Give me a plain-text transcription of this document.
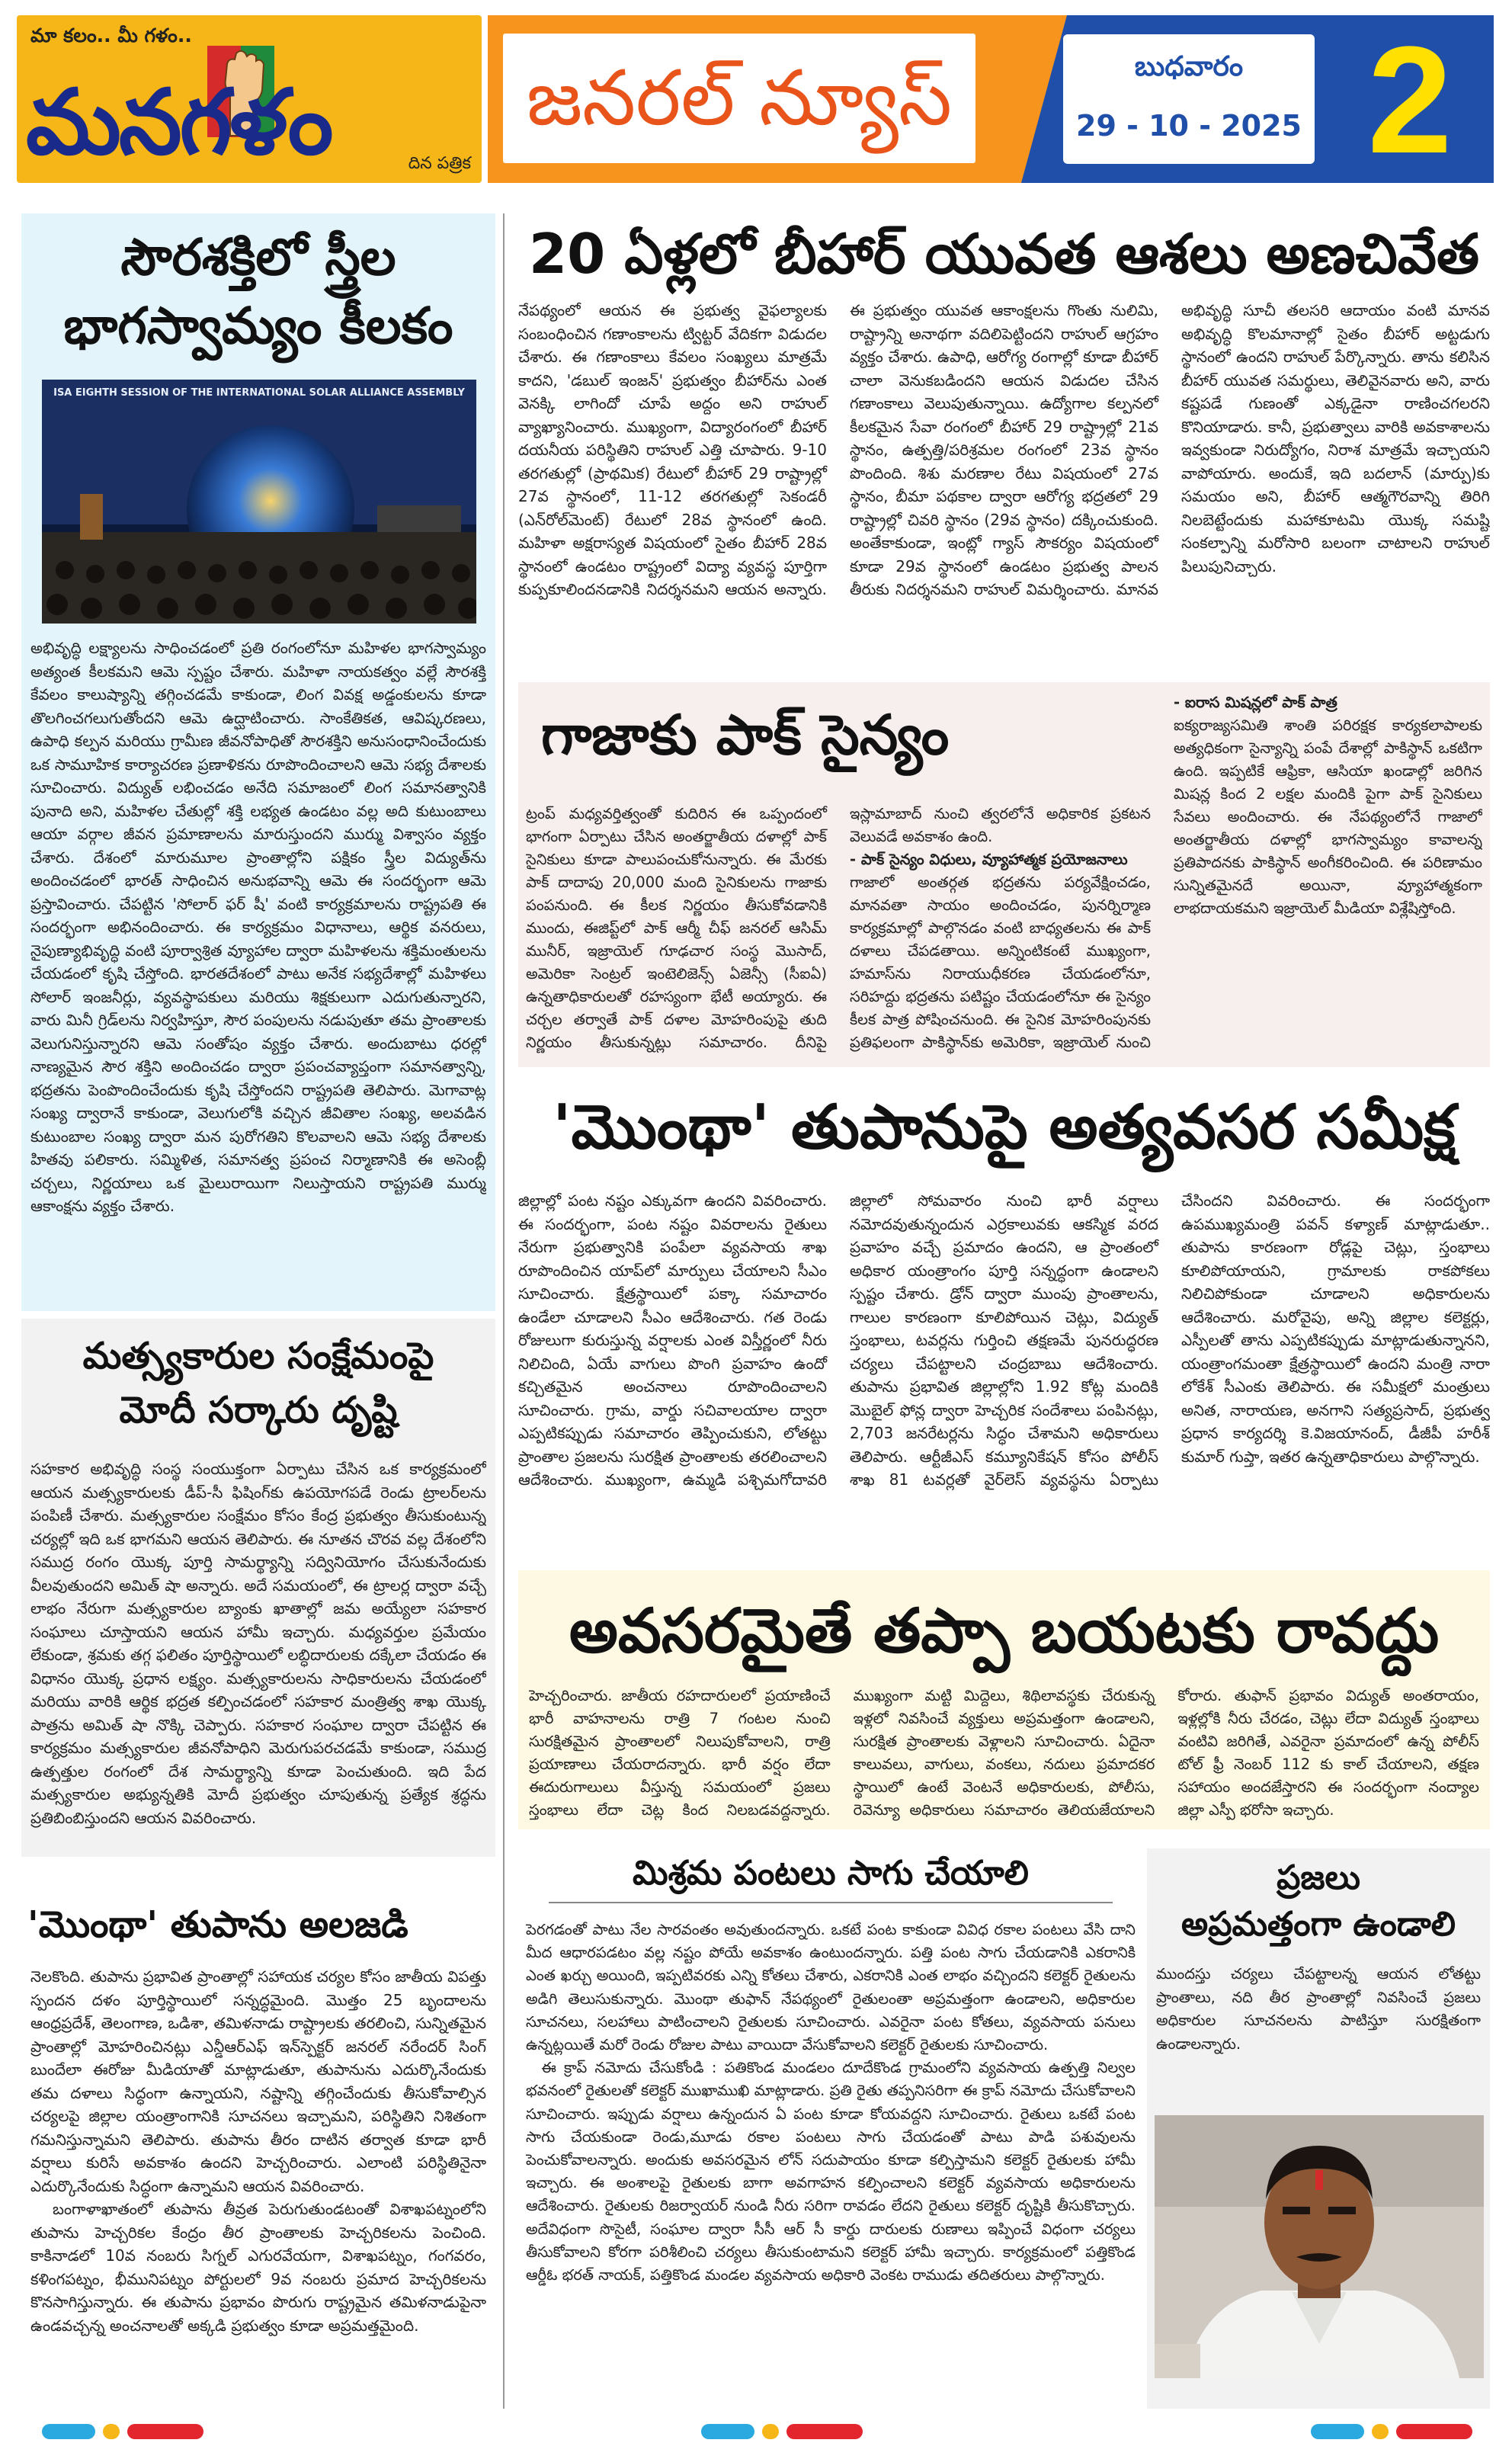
మా కలం.. మీ గళం..
మనగళం	దిన పత్రిక
జనరల్ న్యూస్	బుధవారం
29 - 10 - 2025 2
సౌరశక్తిలో స్త్రీల
భాగస్వామ్యం కీలకం
ISA EIGHTH SESSION OF THE INTERNATIONAL SOLAR ALLIANCE ASSEMBLY
అభివృద్ధి లక్ష్యాలను సాధించడంలో ప్రతి రంగంలోనూ మహిళల భాగస్వామ్యం అత్యంత కీలకమని ఆమె స్పష్టం చేశారు. మహిళా నాయకత్వం వల్లే సౌరశక్తి కేవలం కాలుష్యాన్ని తగ్గించడమే కాకుండా, లింగ వివక్ష అడ్డంకులను కూడా తొలగించగలుగుతోందని ఆమె ఉద్ఘాటించారు. సాంకేతికత, ఆవిష్కరణలు, ఉపాధి కల్పన మరియు గ్రామీణ జీవనోపాధితో సౌరశక్తిని అనుసంధానించేందుకు ఒక సామూహిక కార్యాచరణ ప్రణాళికను రూపొందించాలని ఆమె సభ్య దేశాలకు సూచించారు. విద్యుత్ లభించడం అనేది సమాజంలో లింగ సమానత్వానికి పునాది అని, మహిళల చేతుల్లో శక్తి లభ్యత ఉండటం వల్ల అది కుటుంబాలు ఆయా వర్గాల జీవన ప్రమాణాలను మారుస్తుందని ముర్ము విశ్వాసం వ్యక్తం చేశారు. దేశంలో మారుమూల ప్రాంతాల్లోని పక్షికం స్త్రీల విద్యుత్‌ను అందించడంలో భారత్ సాధించిన అనుభవాన్ని ఆమె ఈ సందర్భంగా ఆమె ప్రస్తావించారు. చేపట్టిన 'సోలార్ ఫర్ షీ' వంటి కార్యక్రమాలను రాష్ట్రపతి ఈ సందర్భంగా అభినందించారు. ఈ కార్యక్రమం విధానాలు, ఆర్థిక వనరులు, నైపుణ్యాభివృద్ధి వంటి పూర్వాశ్రిత వ్యూహాల ద్వారా మహిళలను శక్తిమంతులను చేయడంలో కృషి చేస్తోంది. భారతదేశంలో పాటు అనేక సభ్యదేశాల్లో మహిళలు సోలార్ ఇంజనీర్లు, వ్యవస్థాపకులు మరియు శిక్షకులుగా ఎదుగుతున్నారని, వారు మినీ గ్రిడ్‌లను నిర్వహిస్తూ, సౌర పంపులను నడుపుతూ తమ ప్రాంతాలకు వెలుగునిస్తున్నారని ఆమె సంతోషం వ్యక్తం చేశారు. అందుబాటు ధరల్లో నాణ్యమైన సౌర శక్తిని అందించడం ద్వారా ప్రపంచవ్యాప్తంగా సమానత్వాన్ని, భద్రతను పెంపొందించేందుకు కృషి చేస్తోందని రాష్ట్రపతి తెలిపారు. మెగావాట్ల సంఖ్య ద్వారానే కాకుండా, వెలుగులోకి వచ్చిన జీవితాల సంఖ్య, అలవడిన కుటుంబాల సంఖ్య ద్వారా మన పురోగతిని కొలవాలని ఆమె సభ్య దేశాలకు హితవు పలికారు. సమ్మిళిత, సమానత్వ ప్రపంచ నిర్మాణానికి ఈ అసెంబ్లీ చర్చలు, నిర్ణయాలు ఒక మైలురాయిగా నిలుస్తాయని రాష్ట్రపతి ముర్ము ఆకాంక్షను వ్యక్తం చేశారు.
మత్స్యకారుల సంక్షేమంపై
మోదీ సర్కారు దృష్టి
సహకార అభివృద్ధి సంస్థ సంయుక్తంగా ఏర్పాటు చేసిన ఒక కార్యక్రమంలో ఆయన మత్స్యకారులకు డీప్-సీ ఫిషింగ్‌కు ఉపయోగపడే రెండు ట్రాలర్‌లను పంపిణీ చేశారు. మత్స్యకారుల సంక్షేమం కోసం కేంద్ర ప్రభుత్వం తీసుకుంటున్న చర్యల్లో ఇది ఒక భాగమని ఆయన తెలిపారు. ఈ నూతన చొరవ వల్ల దేశంలోని సముద్ర రంగం యొక్క పూర్తి సామర్థ్యాన్ని సద్వినియోగం చేసుకునేందుకు వీలవుతుందని అమిత్ షా అన్నారు. అదే సమయంలో, ఈ ట్రాలర్ల ద్వారా వచ్చే లాభం నేరుగా మత్స్యకారుల బ్యాంకు ఖాతాల్లో జమ అయ్యేలా సహకార సంఘాలు చూస్తాయని ఆయన హామీ ఇచ్చారు. మధ్యవర్తుల ప్రమేయం లేకుండా, శ్రమకు తగ్గ ఫలితం పూర్తిస్థాయిలో లబ్ధిదారులకు దక్కేలా చేయడం ఈ విధానం యొక్క ప్రధాన లక్ష్యం. మత్స్యకారులను సాధికారులను చేయడంలో మరియు వారికి ఆర్థిక భద్రత కల్పించడంలో సహకార మంత్రిత్వ శాఖ యొక్క పాత్రను అమిత్ షా నొక్కి చెప్పారు. సహకార సంఘాల ద్వారా చేపట్టిన ఈ కార్యక్రమం మత్స్యకారుల జీవనోపాధిని మెరుగుపరచడమే కాకుండా, సముద్ర ఉత్పత్తుల రంగంలో దేశ సామర్థ్యాన్ని కూడా పెంచుతుంది. ఇది పేద మత్స్యకారుల అభ్యున్నతికి మోదీ ప్రభుత్వం చూపుతున్న ప్రత్యేక శ్రద్ధను ప్రతిబింబిస్తుందని ఆయన వివరించారు.
'మొంథా' తుపాను అలజడి
నెలకొంది. తుపాను ప్రభావిత ప్రాంతాల్లో సహాయక చర్యల కోసం జాతీయ విపత్తు స్పందన దళం పూర్తిస్థాయిలో సన్నద్ధమైంది. మొత్తం 25 బృందాలను ఆంధ్రప్రదేశ్, తెలంగాణ, ఒడిశా, తమిళనాడు రాష్ట్రాలకు తరలించి, సున్నితమైన ప్రాంతాల్లో మోహరించినట్లు ఎన్డీఆర్ఎఫ్ ఇన్‌స్పెక్టర్ జనరల్ నరేందర్ సింగ్ బుందేలా ఈరోజు మీడియాతో మాట్లాడుతూ, తుపానును ఎదుర్కొనేందుకు తమ దళాలు సిద్ధంగా ఉన్నాయని, నష్టాన్ని తగ్గించేందుకు తీసుకోవాల్సిన చర్యలపై జిల్లాల యంత్రాంగానికి సూచనలు ఇచ్చామని, పరిస్థితిని నిశితంగా గమనిస్తున్నామని తెలిపారు. తుపాను తీరం దాటిన తర్వాత కూడా భారీ వర్షాలు కురిసే అవకాశం ఉందని హెచ్చరించారు. ఎలాంటి పరిస్థితినైనా ఎదుర్కొనేందుకు సిద్ధంగా ఉన్నామని ఆయన వివరించారు.
బంగాళాఖాతంలో తుపాను తీవ్రత పెరుగుతుండటంతో విశాఖపట్నంలోని తుపాను హెచ్చరికల కేంద్రం తీర ప్రాంతాలకు హెచ్చరికలను పెంచింది. కాకినాడలో 10వ నంబరు సిగ్నల్ ఎగురవేయగా, విశాఖపట్నం, గంగవరం, కళింగపట్నం, భీమునిపట్నం పోర్టులలో 9వ నంబరు ప్రమాద హెచ్చరికలను కొనసాగిస్తున్నారు. ఈ తుపాను ప్రభావం పొరుగు రాష్ట్రమైన తమిళనాడుపైనా ఉండవచ్చన్న అంచనాలతో అక్కడి ప్రభుత్వం కూడా అప్రమత్తమైంది.
20 ఏళ్లలో బీహార్ యువత ఆశలు అణచివేత
నేపథ్యంలో ఆయన ఈ ప్రభుత్వ వైఫల్యాలకు సంబంధించిన గణాంకాలను ట్విట్టర్ వేదికగా విడుదల చేశారు. ఈ గణాంకాలు కేవలం సంఖ్యలు మాత్రమే కాదని, 'డబుల్ ఇంజన్' ప్రభుత్వం బీహార్‌ను ఎంత వెనక్కి లాగిందో చూపే అద్దం అని రాహుల్ వ్యాఖ్యానించారు. ముఖ్యంగా, విద్యారంగంలో బీహార్ దయనీయ పరిస్థితిని రాహుల్ ఎత్తి చూపారు. 9-10 తరగతుల్లో (ప్రాథమిక) రేటులో బీహార్ 29 రాష్ట్రాల్లో 27వ స్థానంలో, 11-12 తరగతుల్లో సెకండరీ (ఎన్‌రోల్‌మెంట్) రేటులో 28వ స్థానంలో ఉంది. మహిళా అక్షరాస్యత విషయంలో సైతం బీహార్ 28వ స్థానంలో ఉండటం రాష్ట్రంలో విద్యా వ్యవస్థ పూర్తిగా కుప్పకూలిందనడానికి నిదర్శనమని ఆయన అన్నారు. ఈ ప్రభుత్వం యువత ఆకాంక్షలను గొంతు నులిమి, రాష్ట్రాన్ని అనాథగా వదిలిపెట్టిందని రాహుల్ ఆగ్రహం వ్యక్తం చేశారు. ఉపాధి, ఆరోగ్య రంగాల్లో కూడా బీహార్ చాలా వెనుకబడిందని ఆయన విడుదల చేసిన గణాంకాలు వెలుపుతున్నాయి. ఉద్యోగాల కల్పనలో కీలకమైన సేవా రంగంలో బీహార్ 29 రాష్ట్రాల్లో 21వ స్థానం, ఉత్పత్తి/పరిశ్రమల రంగంలో 23వ స్థానం పొందింది. శిశు మరణాల రేటు విషయంలో 27వ స్థానం, బీమా పథకాల ద్వారా ఆరోగ్య భద్రతలో 29 రాష్ట్రాల్లో చివరి స్థానం (29వ స్థానం) దక్కించుకుంది. అంతేకాకుండా, ఇంట్లో గ్యాస్‌ సౌకర్యం విషయంలో కూడా 29వ స్థానంలో ఉండటం ప్రభుత్వ పాలన తీరుకు నిదర్శనమని రాహుల్ విమర్శించారు. మానవ అభివృద్ధి సూచీ తలసరి ఆదాయం వంటి మానవ అభివృద్ధి కొలమానాల్లో సైతం బీహార్ అట్టడుగు స్థానంలో ఉందని రాహుల్ పేర్కొన్నారు. తాను కలిసిన బీహార్ యువత సమర్థులు, తెలివైనవారు అని, వారు కష్టపడే గుణంతో ఎక్కడైనా రాణించగలరని కొనియాడారు. కానీ, ప్రభుత్వాలు వారికి అవకాశాలను ఇవ్వకుండా నిరుద్యోగం, నిరాశ మాత్రమే ఇచ్చాయని వాపోయారు. అందుకే, ఇది బదలాన్ (మార్పు)కు సమయం అని, బీహార్ ఆత్మగౌరవాన్ని తిరిగి నిలబెట్టేందుకు మహాకూటమి యొక్క సమష్టి సంకల్పాన్ని మరోసారి బలంగా చాటాలని రాహుల్ పిలుపునిచ్చారు.
గాజాకు పాక్ సైన్యం
ట్రంప్ మధ్యవర్తిత్వంతో కుదిరిన ఈ ఒప్పందంలో భాగంగా ఏర్పాటు చేసిన అంతర్జాతీయ దళాల్లో పాక్ సైనికులు కూడా పాలుపంచుకోనున్నారు. ఈ మేరకు పాక్ దాదాపు 20,000 మంది సైనికులను గాజాకు పంపనుంది. ఈ కీలక నిర్ణయం తీసుకోవడానికి ముందు, ఈజిప్ట్‌లో పాక్ ఆర్మీ చీఫ్ జనరల్ ఆసిమ్ మునీర్, ఇజ్రాయెల్ గూఢచార సంస్థ మొసాద్, అమెరికా సెంట్రల్ ఇంటెలిజెన్స్ ఏజెన్సీ (సీఐఏ) ఉన్నతాధికారులతో రహస్యంగా భేటీ అయ్యారు. ఈ చర్చల తర్వాతే పాక్ దళాల మోహరింపుపై తుది నిర్ణయం తీసుకున్నట్లు సమాచారం. దీనిపై ఇస్లామాబాద్ నుంచి త్వరలోనే అధికారిక ప్రకటన వెలువడే అవకాశం ఉంది.
- పాక్ సైన్యం విధులు, వ్యూహాత్మక ప్రయోజనాలు
గాజాలో అంతర్గత భద్రతను పర్యవేక్షించడం, మానవతా సాయం అందించడం, పునర్నిర్మాణ కార్యక్రమాల్లో పాల్గొనడం వంటి బాధ్యతలను ఈ పాక్ దళాలు చేపడతాయి. అన్నింటికంటే ముఖ్యంగా, హమాస్‌ను నిరాయుధీకరణ చేయడంలోనూ, సరిహద్దు భద్రతను పటిష్టం చేయడంలోనూ ఈ సైన్యం కీలక పాత్ర పోషించనుంది. ఈ సైనిక మోహరింపునకు ప్రతిఫలంగా పాకిస్థాన్‌కు అమెరికా, ఇజ్రాయెల్ నుంచి
- ఐరాస మిషన్లలో పాక్ పాత్ర
ఐక్యరాజ్యసమితి శాంతి పరిరక్షక కార్యకలాపాలకు అత్యధికంగా సైన్యాన్ని పంపే దేశాల్లో పాకిస్థాన్ ఒకటిగా ఉంది. ఇప్పటికే ఆఫ్రికా, ఆసియా ఖండాల్లో జరిగిన మిషన్ల కింద 2 లక్షల మందికి పైగా పాక్ సైనికులు సేవలు అందించారు. ఈ నేపథ్యంలోనే గాజాలో అంతర్జాతీయ దళాల్లో భాగస్వామ్యం కావాలన్న ప్రతిపాదనకు పాకిస్థాన్ అంగీకరించింది. ఈ పరిణామం సున్నితమైనదే అయినా, వ్యూహాత్మకంగా లాభదాయకమని ఇజ్రాయెల్ మీడియా విశ్లేషిస్తోంది.
'మొంథా' తుపానుపై అత్యవసర సమీక్ష
జిల్లాల్లో పంట నష్టం ఎక్కువగా ఉందని వివరించారు. ఈ సందర్భంగా, పంట నష్టం వివరాలను రైతులు నేరుగా ప్రభుత్వానికి పంపేలా వ్యవసాయ శాఖ రూపొందించిన యాప్‌లో మార్పులు చేయాలని సీఎం సూచించారు. క్షేత్రస్థాయిలో పక్కా సమాచారం ఉండేలా చూడాలని సీఎం ఆదేశించారు. గత రెండు రోజులుగా కురుస్తున్న వర్షాలకు ఎంత విస్తీర్ణంలో నీరు నిలిచింది, ఏయే వాగులు పొంగి ప్రవాహం ఉందో కచ్చితమైన అంచనాలు రూపొందించాలని సూచించారు. గ్రామ, వార్డు సచివాలయాల ద్వారా ఎప్పటికప్పుడు సమాచారం తెప్పించుకుని, లోతట్టు ప్రాంతాల ప్రజలను సురక్షిత ప్రాంతాలకు తరలించాలని ఆదేశించారు. ముఖ్యంగా, ఉమ్మడి పశ్చిమగోదావరి జిల్లాలో సోమవారం నుంచి భారీ వర్షాలు నమోదవుతున్నందున ఎర్రకాలువకు ఆకస్మిక వరద ప్రవాహం వచ్చే ప్రమాదం ఉందని, ఆ ప్రాంతంలో అధికార యంత్రాంగం పూర్తి సన్నద్ధంగా ఉండాలని స్పష్టం చేశారు. డ్రోన్ ద్వారా ముంపు ప్రాంతాలను, గాలుల కారణంగా కూలిపోయిన చెట్లు, విద్యుత్ స్తంభాలు, టవర్లను గుర్తించి తక్షణమే పునరుద్ధరణ చర్యలు చేపట్టాలని చంద్రబాబు ఆదేశించారు. తుపాను ప్రభావిత జిల్లాల్లోని 1.92 కోట్ల మందికి మొబైల్ ఫోన్ల ద్వారా హెచ్చరిక సందేశాలు పంపినట్లు, 2,703 జనరేటర్లను సిద్ధం చేశామని అధికారులు తెలిపారు. ఆర్టీజీఎస్ కమ్యూనికేషన్ కోసం పోలీస్ శాఖ 81 టవర్లతో వైర్‌లెస్ వ్యవస్థను ఏర్పాటు చేసిందని వివరించారు. ఈ సందర్భంగా ఉపముఖ్యమంత్రి పవన్ కళ్యాణ్ మాట్లాడుతూ.. తుపాను కారణంగా రోడ్లపై చెట్లు, స్తంభాలు కూలిపోయాయని, గ్రామాలకు రాకపోకలు నిలిచిపోకుండా చూడాలని అధికారులను ఆదేశించారు. మరోవైపు, అన్ని జిల్లాల కలెక్టర్లు, ఎస్పీలతో తాను ఎప్పటికప్పుడు మాట్లాడుతున్నానని, యంత్రాంగమంతా క్షేత్రస్థాయిలో ఉందని మంత్రి నారా లోకేశ్ సీఎంకు తెలిపారు. ఈ సమీక్షలో మంత్రులు అనిత, నారాయణ, అనగాని సత్యప్రసాద్, ప్రభుత్వ ప్రధాన కార్యదర్శి కె.విజయానంద్, డీజీపీ హరీశ్ కుమార్ గుప్తా, ఇతర ఉన్నతాధికారులు పాల్గొన్నారు.
అవసరమైతే తప్పా బయటకు రావద్దు
హెచ్చరించారు. జాతీయ రహదారులలో ప్రయాణించే భారీ వాహనాలను రాత్రి 7 గంటల నుంచి సురక్షితమైన ప్రాంతాలలో నిలుపుకోవాలని, రాత్రి ప్రయాణాలు చేయరాదన్నారు. భారీ వర్షం లేదా ఈదురుగాలులు వీస్తున్న సమయంలో ప్రజలు స్తంభాలు లేదా చెట్ల కింద నిలబడవద్దన్నారు. ముఖ్యంగా మట్టి మిద్దెలు, శిథిలావస్థకు చేరుకున్న ఇళ్లలో నివసించే వ్యక్తులు అప్రమత్తంగా ఉండాలని, సురక్షిత ప్రాంతాలకు వెళ్లాలని సూచించారు. ఏదైనా కాలువలు, వాగులు, వంకలు, నదులు ప్రమాదకర స్థాయిలో ఉంటే వెంటనే అధికారులకు, పోలీసు, రెవెన్యూ అధికారులు సమాచారం తెలియజేయాలని కోరారు. తుఫాన్ ప్రభావం విద్యుత్ అంతరాయం, ఇళ్లల్లోకి నీరు చేరడం, చెట్లు లేదా విద్యుత్ స్తంభాలు వంటివి జరిగితే, ఎవరైనా ప్రమాదంలో ఉన్న పోలీస్ టోల్ ఫ్రీ నెంబర్ 112 కు కాల్ చేయాలని, తక్షణ సహాయం అందజేస్తారని ఈ సందర్భంగా నంద్యాల జిల్లా ఎస్పీ భరోసా ఇచ్చారు.
మిశ్రమ పంటలు సాగు చేయాలి
పెరగడంతో పాటు నేల సారవంతం అవుతుందన్నారు. ఒకటే పంట కాకుండా వివిధ రకాల పంటలు వేసి దాని మీద ఆధారపడటం వల్ల నష్టం పోయే అవకాశం ఉంటుందన్నారు. పత్తి పంట సాగు చేయడానికి ఎకరానికి ఎంత ఖర్చు అయింది, ఇప్పటివరకు ఎన్ని కోతలు చేశారు, ఎకరానికి ఎంత లాభం వచ్చిందని కలెక్టర్ రైతులను అడిగి తెలుసుకున్నారు. మొంథా తుఫాన్ నేపథ్యంలో రైతులంతా అప్రమత్తంగా ఉండాలని, అధికారుల సూచనలు, సలహాలు పాటించాలని రైతులకు సూచించారు. ఎవరైనా పంట కోతలు, వ్యవసాయ పనులు ఉన్నట్లయితే మరో రెండు రోజుల పాటు వాయిదా వేసుకోవాలని కలెక్టర్ రైతులకు సూచించారు.
ఈ క్రాప్ నమోదు చేసుకోండి : పతికొండ మండలం దూదేకొండ గ్రామంలోని వ్యవసాయ ఉత్పత్తి నిల్వల భవనంలో రైతులతో కలెక్టర్ ముఖాముఖి మాట్లాడారు. ప్రతి రైతు తప్పనిసరిగా ఈ క్రాప్ నమోదు చేసుకోవాలని సూచించారు. ఇప్పుడు వర్షాలు ఉన్నందున ఏ పంట కూడా కోయవద్దని సూచించారు. రైతులు ఒకటే పంట సాగు చేయకుండా రెండు,మూడు రకాల పంటలు సాగు చేయడంతో పాటు పాడి పశువులను పెంచుకోవాలన్నారు. అందుకు అవసరమైన లోన్ సదుపాయం కూడా కల్పిస్తామని కలెక్టర్ రైతులకు హామీ ఇచ్చారు. ఈ అంశాలపై రైతులకు బాగా అవగాహన కల్పించాలని కలెక్టర్ వ్యవసాయ అధికారులను ఆదేశించారు. రైతులకు రిజర్వాయర్ నుండి నీరు సరిగా రావడం లేదని రైతులు కలెక్టర్ దృష్టికి తీసుకొచ్చారు. అదేవిధంగా సొసైటీ, సంఘాల ద్వారా సీసీ ఆర్ సీ కార్డు దారులకు రుణాలు ఇప్పించే విధంగా చర్యలు తీసుకోవాలని కోరగా పరిశీలించి చర్యలు తీసుకుంటామని కలెక్టర్ హామీ ఇచ్చారు. కార్యక్రమంలో పత్తికొండ ఆర్డీఓ భరత్ నాయక్, పత్తికొండ మండల వ్యవసాయ అధికారి వెంకట రాముడు తదితరులు పాల్గొన్నారు.
ప్రజలు
అప్రమత్తంగా ఉండాలి
ముందస్తు చర్యలు చేపట్టాలన్న ఆయన లోతట్టు ప్రాంతాలు, నది తీర ప్రాంతాల్లో నివసించే ప్రజలు అధికారుల సూచనలను పాటిస్తూ సురక్షితంగా ఉండాలన్నారు.
